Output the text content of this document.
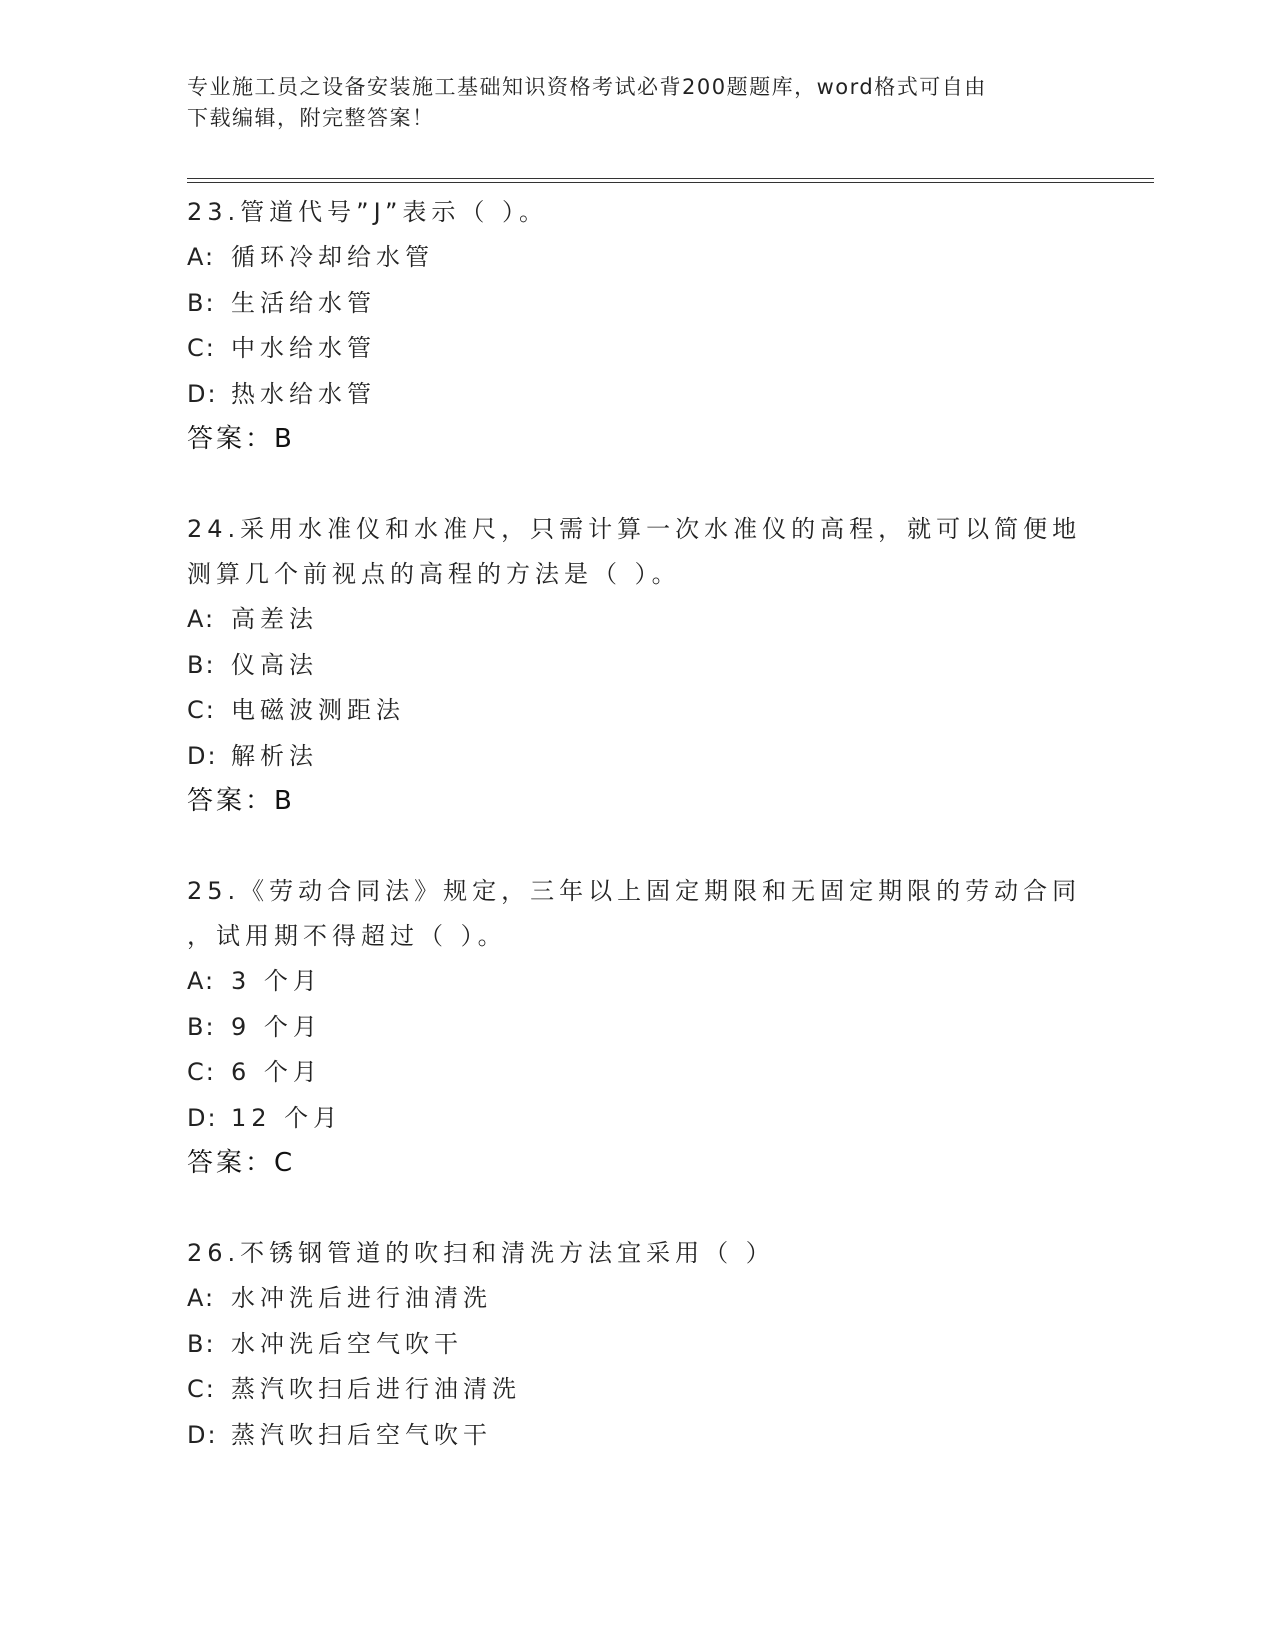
专业施工员之设备安装施工基础知识资格考试必背200题题库，word格式可自由
下载编辑，附完整答案！
23.管道代号”J”表示（ ）。
A: 循环冷却给水管
B: 生活给水管
C: 中水给水管
D: 热水给水管
答案：B
24.采用水准仪和水准尺，只需计算一次水准仪的高程，就可以简便地
测算几个前视点的高程的方法是（ ）。
A: 高差法
B: 仪高法
C: 电磁波测距法
D: 解析法
答案：B
25.《劳动合同法》规定，三年以上固定期限和无固定期限的劳动合同
，试用期不得超过（ ）。
A: 3 个月
B: 9 个月
C: 6 个月
D: 12 个月
答案：C
26.不锈钢管道的吹扫和清洗方法宜采用（ ）
A: 水冲洗后进行油清洗
B: 水冲洗后空气吹干
C: 蒸汽吹扫后进行油清洗
D: 蒸汽吹扫后空气吹干
